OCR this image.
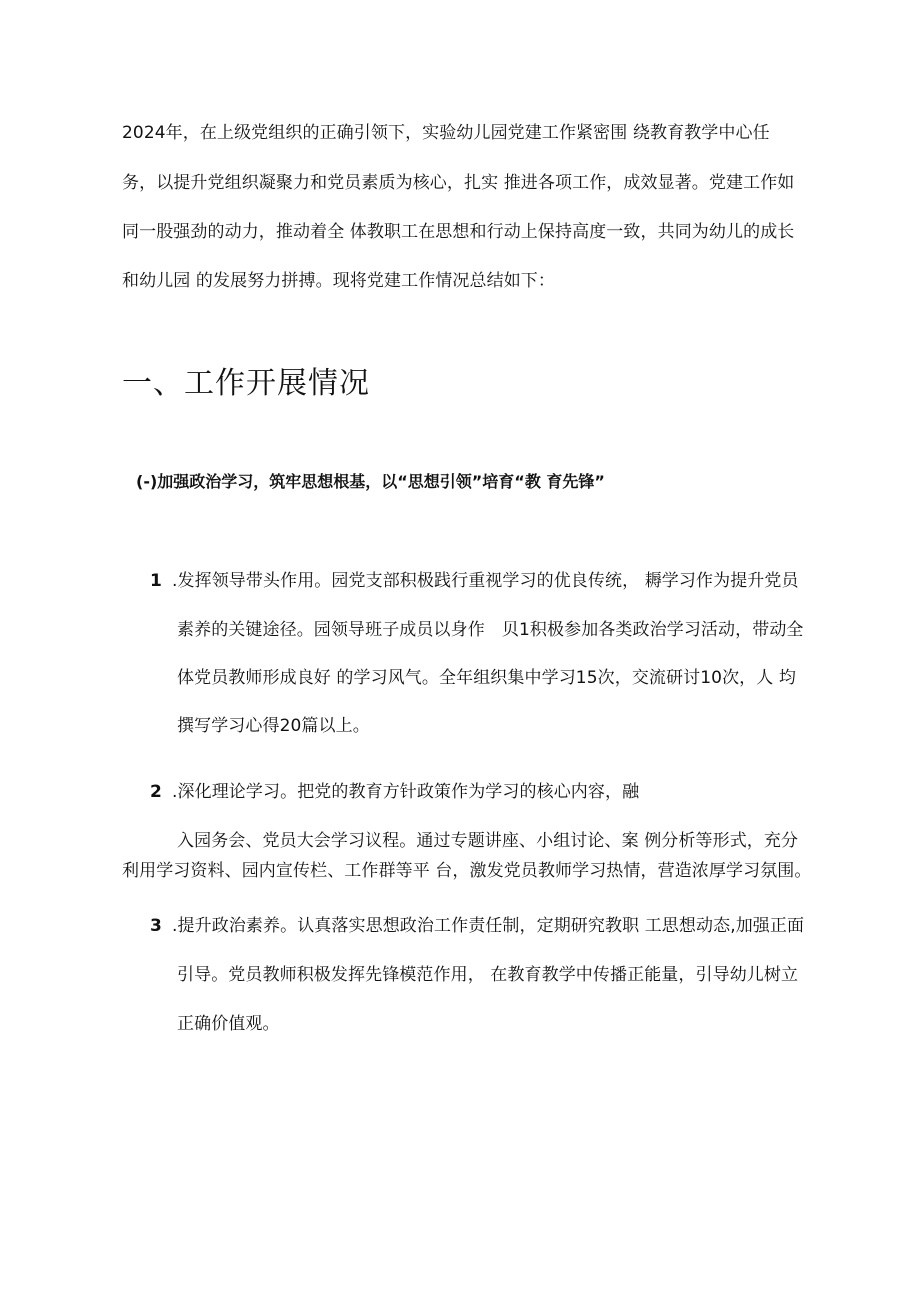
2024年，在上级党组织的正确引领下，实验幼儿园党建工作紧密围 绕教育教学中心任
务，以提升党组织凝聚力和党员素质为核心，扎实 推进各项工作，成效显著。党建工作如
同一股强劲的动力，推动着全 体教职工在思想和行动上保持高度一致，共同为幼儿的成长
和幼儿园 的发展努力拼搏。现将党建工作情况总结如下：
一、工作开展情况
(-)加强政治学习，筑牢思想根基，以“思想引领”培育“教 育先锋”
1 .发挥领导带头作用。园党支部积极践行重视学习的优良传统， 耨学习作为提升党员
素养的关键途径。园领导班子成员以身作　贝1积极参加各类政治学习活动，带动全
体党员教师形成良好 的学习风气。全年组织集中学习15次，交流研讨10次，人 均
撰写学习心得20篇以上。
2 .深化理论学习。把党的教育方针政策作为学习的核心内容，融
入园务会、党员大会学习议程。通过专题讲座、小组讨论、案 例分析等形式，充分
利用学习资料、园内宣传栏、工作群等平 台，激发党员教师学习热情，营造浓厚学习氛围。
3 .提升政治素养。认真落实思想政治工作责任制，定期研究教职 工思想动态,加强正面
引导。党员教师积极发挥先锋模范作用， 在教育教学中传播正能量，引导幼儿树立
正确价值观。
